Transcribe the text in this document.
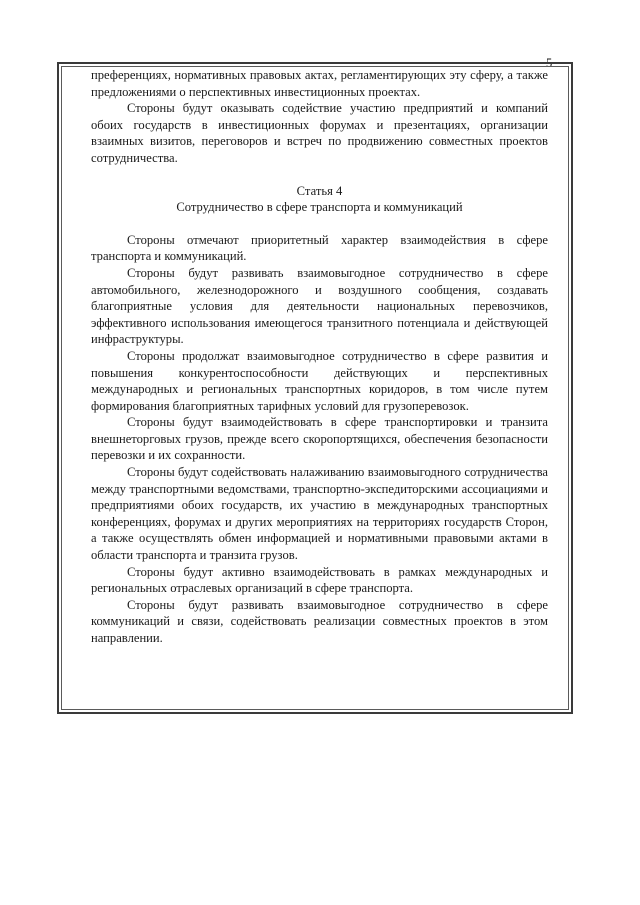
5

преференциях, нормативных правовых актах, регламентирующих эту сферу, а также предложениями о перспективных инвестиционных проектах.

Стороны будут оказывать содействие участию предприятий и компаний обоих государств в инвестиционных форумах и презентациях, организации взаимных визитов, переговоров и встреч по продвижению совместных проектов сотрудничества.

Статья 4

Сотрудничество в сфере транспорта и коммуникаций

Стороны отмечают приоритетный характер взаимодействия в сфере транспорта и коммуникаций.

Стороны будут развивать взаимовыгодное сотрудничество в сфере автомобильного, железнодорожного и воздушного сообщения, создавать благоприятные условия для деятельности национальных перевозчиков, эффективного использования имеющегося транзитного потенциала и действующей инфраструктуры.

Стороны продолжат взаимовыгодное сотрудничество в сфере развития и повышения конкурентоспособности действующих и перспективных международных и региональных транспортных коридоров, в том числе путем формирования благоприятных тарифных условий для грузоперевозок.

Стороны будут взаимодействовать в сфере транспортировки и транзита внешнеторговых грузов, прежде всего скоропортящихся, обеспечения безопасности перевозки и их сохранности.

Стороны будут содействовать налаживанию взаимовыгодного сотрудничества между транспортными ведомствами, транспортно-экспедиторскими ассоциациями и предприятиями обоих государств, их участию в международных транспортных конференциях, форумах и других мероприятиях на территориях государств Сторон, а также осуществлять обмен информацией и нормативными правовыми актами в области транспорта и транзита грузов.

Стороны будут активно взаимодействовать в рамках международных и региональных отраслевых организаций в сфере транспорта.

Стороны будут развивать взаимовыгодное сотрудничество в сфере коммуникаций и связи, содействовать реализации совместных проектов в этом направлении.
